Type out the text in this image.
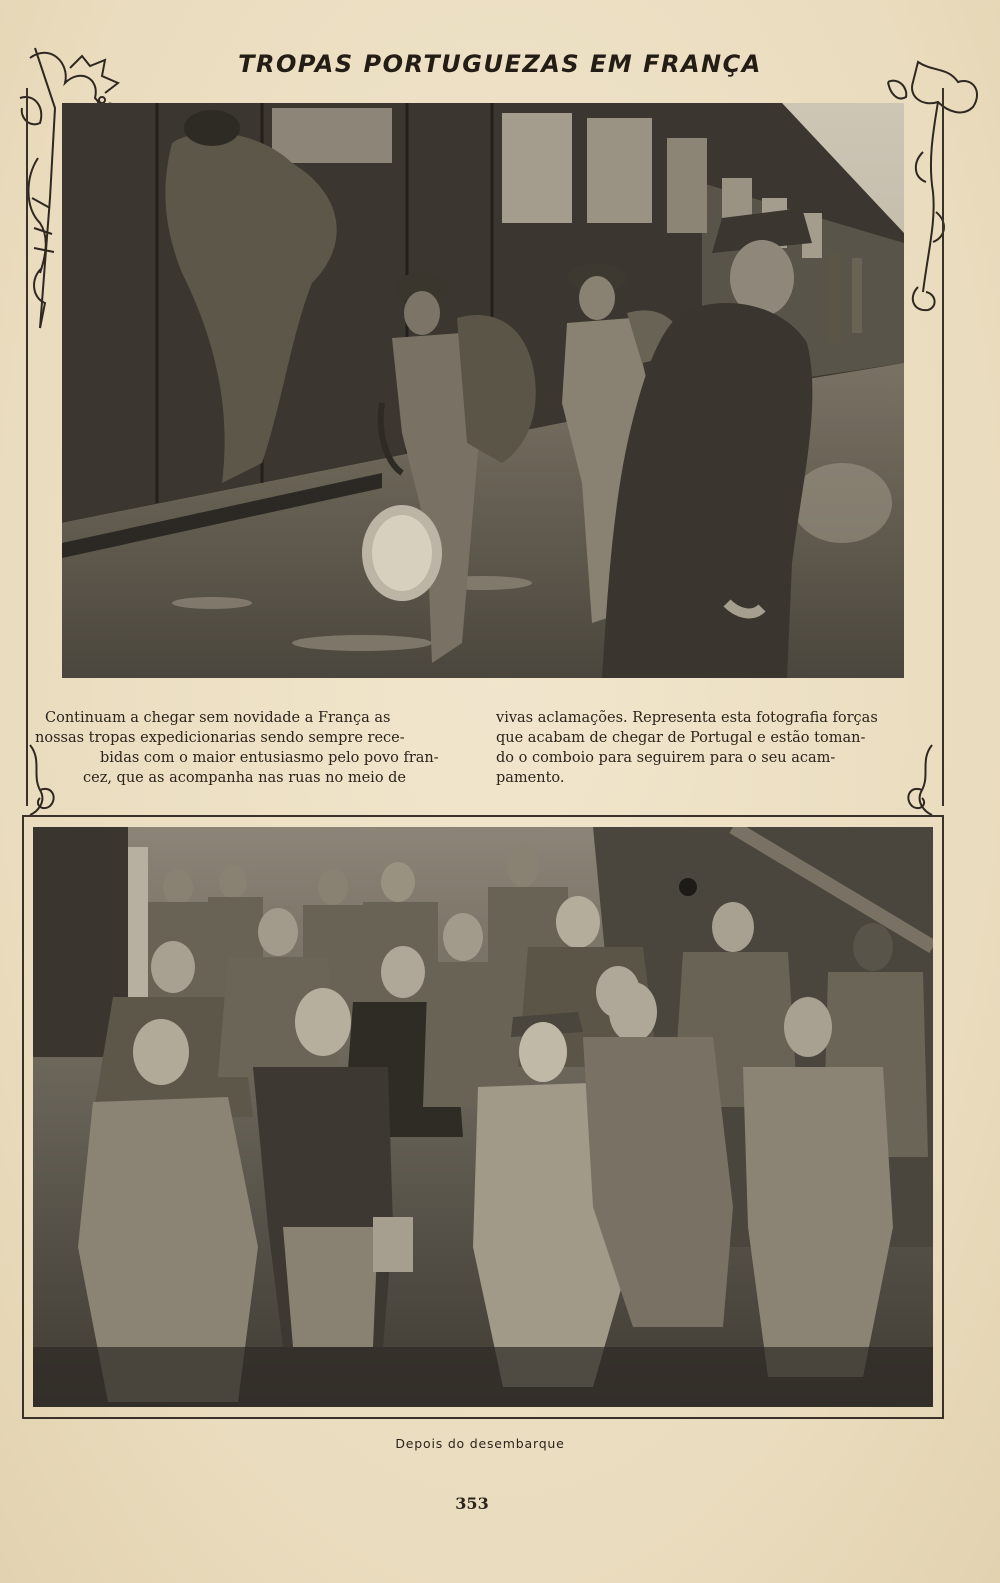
TROPAS PORTUGUEZAS EM FRANÇA
Continuam a chegar sem novidade a França as
nossas tropas expedicionarias sendo sempre rece-
bidas com o maior entusiasmo pelo povo fran-
cez, que as acompanha nas ruas no meio de
vivas aclamações. Representa esta fotografia forças
que acabam de chegar de Portugal e estão toman-
do o comboio para seguirem para o seu acam-
pamento.
Depois do desembarque
353
